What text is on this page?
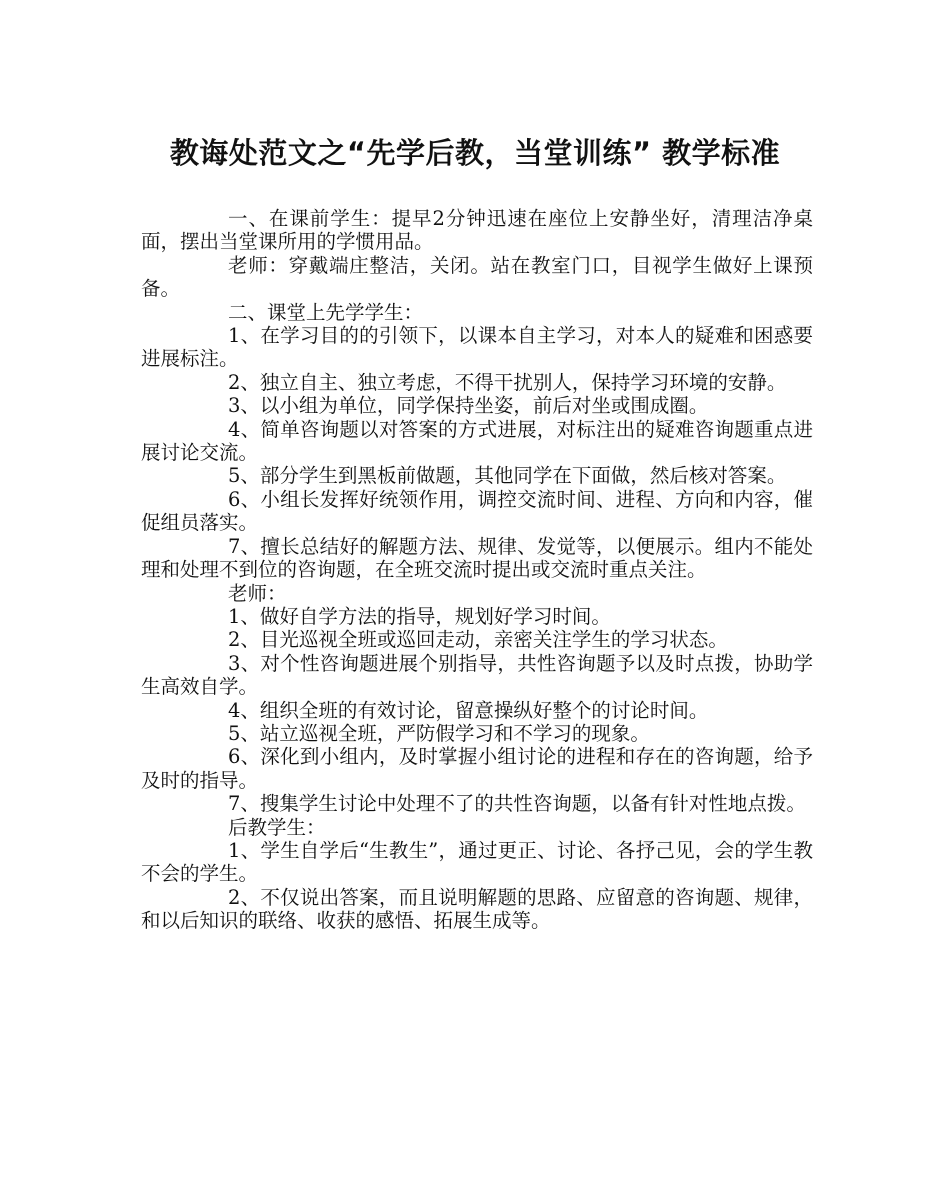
教诲处范文之“先学后教，当堂训练” 教学标准

一、在课前学生：提早2分钟迅速在座位上安静坐好，清理洁净桌面，摆出当堂课所用的学惯用品。

老师：穿戴端庄整洁，关闭。站在教室门口，目视学生做好上课预备。

二、课堂上先学学生：

1、在学习目的的引领下，以课本自主学习，对本人的疑难和困惑要进展标注。

2、独立自主、独立考虑，不得干扰别人，保持学习环境的安静。

3、以小组为单位，同学保持坐姿，前后对坐或围成圈。

4、简单咨询题以对答案的方式进展，对标注出的疑难咨询题重点进展讨论交流。

5、部分学生到黑板前做题，其他同学在下面做，然后核对答案。

6、小组长发挥好统领作用，调控交流时间、进程、方向和内容，催促组员落实。

7、擅长总结好的解题方法、规律、发觉等，以便展示。组内不能处理和处理不到位的咨询题，在全班交流时提出或交流时重点关注。

老师：

1、做好自学方法的指导，规划好学习时间。

2、目光巡视全班或巡回走动，亲密关注学生的学习状态。

3、对个性咨询题进展个别指导，共性咨询题予以及时点拨，协助学生高效自学。

4、组织全班的有效讨论，留意操纵好整个的讨论时间。

5、站立巡视全班，严防假学习和不学习的现象。

6、深化到小组内，及时掌握小组讨论的进程和存在的咨询题，给予及时的指导。

7、搜集学生讨论中处理不了的共性咨询题，以备有针对性地点拨。

后教学生：

1、学生自学后“生教生”，通过更正、讨论、各抒己见，会的学生教不会的学生。

2、不仅说出答案，而且说明解题的思路、应留意的咨询题、规律，和以后知识的联络、收获的感悟、拓展生成等。
